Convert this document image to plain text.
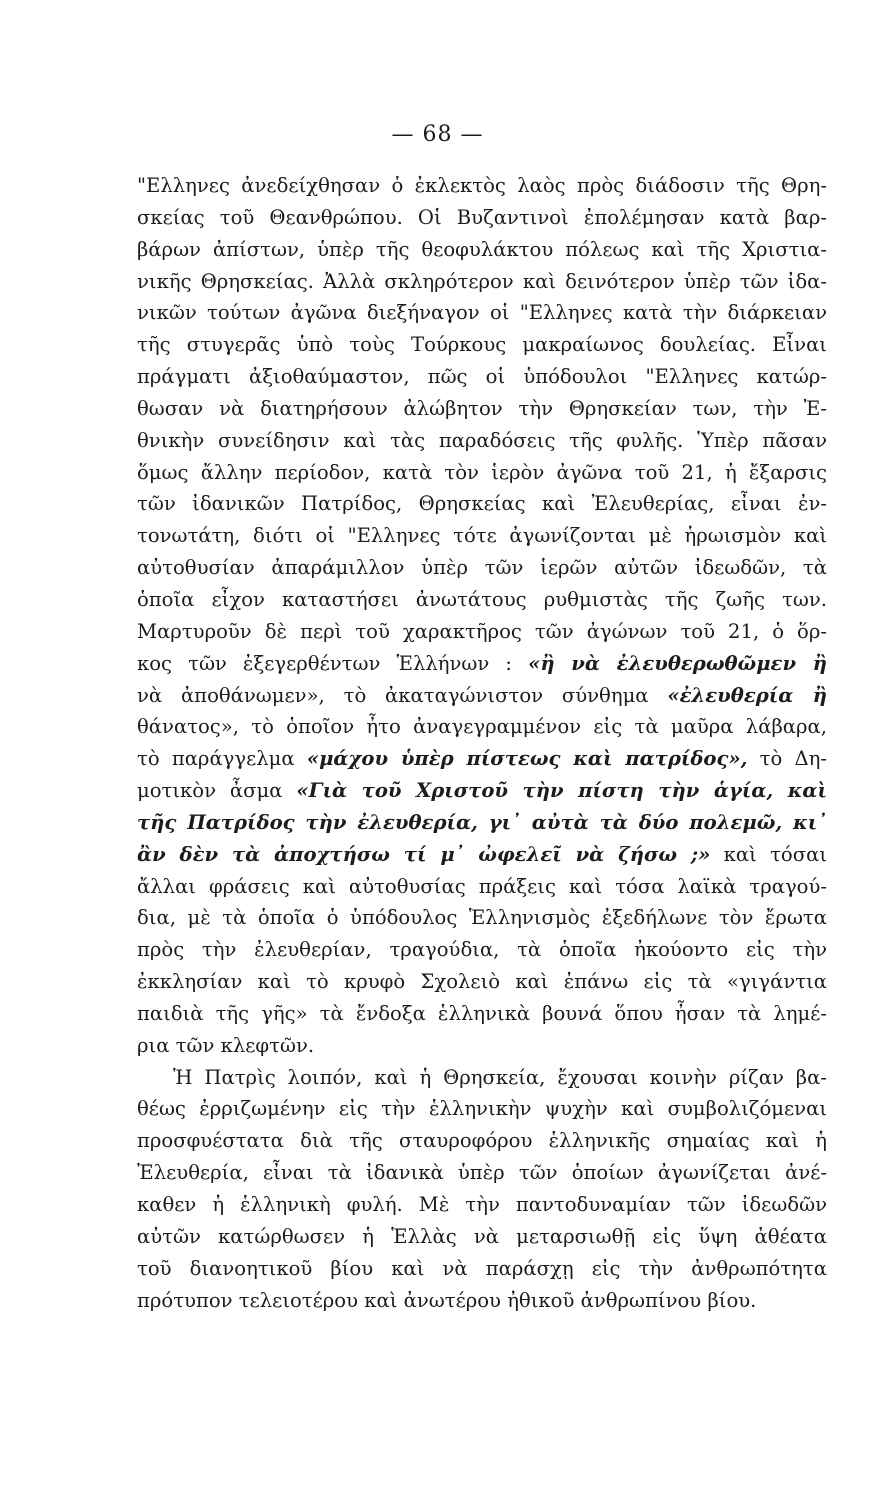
— 68 —
"Ελληνες ἀνεδείχθησαν ὁ ἐκλεκτὸς λαὸς πρὸς διάδοσιν τῆς Θρη-
σκείας τοῦ Θεανθρώπου. Οἱ Βυζαντινοὶ ἐπολέμησαν κατὰ βαρ-
βάρων ἀπίστων, ὑπὲρ τῆς θεοφυλάκτου πόλεως καὶ τῆς Χριστια-
νικῆς Θρησκείας. Ἀλλὰ σκληρότερον καὶ δεινότερον ὑπὲρ τῶν ἰδα-
νικῶν τούτων ἀγῶνα διεξήναγον οἱ "Ελληνες κατὰ τὴν διάρκειαν
τῆς στυγερᾶς ὑπὸ τοὺς Τούρκους μακραίωνος δουλείας. Εἶναι
πράγματι ἀξιοθαύμαστον, πῶς οἱ ὑπόδουλοι "Ελληνες κατώρ-
θωσαν νὰ διατηρήσουν ἀλώβητον τὴν Θρησκείαν των, τὴν Ἐ-
θνικὴν συνείδησιν καὶ τὰς παραδόσεις τῆς φυλῆς. Ὑπὲρ πᾶσαν
ὅμως ἄλλην περίοδον, κατὰ τὸν ἱερὸν ἀγῶνα τοῦ 21, ἡ ἔξαρσις
τῶν ἰδανικῶν Πατρίδος, Θρησκείας καὶ Ἐλευθερίας, εἶναι ἐν-
τονωτάτη, διότι οἱ "Ελληνες τότε ἀγωνίζονται μὲ ἡρωισμὸν καὶ
αὐτοθυσίαν ἀπαράμιλλον ὑπὲρ τῶν ἱερῶν αὐτῶν ἰδεωδῶν, τὰ
ὁποῖα εἶχον καταστήσει ἀνωτάτους ρυθμιστὰς τῆς ζωῆς των.
Μαρτυροῦν δὲ περὶ τοῦ χαρακτῆρος τῶν ἀγώνων τοῦ 21, ὁ ὅρ-
κος τῶν ἐξεγερθέντων Ἑλλήνων : «ἢ νὰ ἐλευθερωθῶμεν ἢ
νὰ ἀποθάνωμεν», τὸ ἀκαταγώνιστον σύνθημα «ἐλευθερία ἢ
θάνατος», τὸ ὁποῖον ἦτο ἀναγεγραμμένον εἰς τὰ μαῦρα λάβαρα,
τὸ παράγγελμα «μάχου ὑπὲρ πίστεως καὶ πατρίδος», τὸ Δη-
μοτικὸν ἆσμα «Γιὰ τοῦ Χριστοῦ τὴν πίστη τὴν ἁγία, καὶ
τῆς Πατρίδος τὴν ἐλευθερία, γι᾽ αὐτὰ τὰ δύο πολεμῶ, κι᾽
ἂν δὲν τὰ ἀποχτήσω τί μ᾽ ὠφελεῖ νὰ ζήσω ;» καὶ τόσαι
ἄλλαι φράσεις καὶ αὐτοθυσίας πράξεις καὶ τόσα λαϊκὰ τραγού-
δια, μὲ τὰ ὁποῖα ὁ ὑπόδουλος Ἑλληνισμὸς ἐξεδήλωνε τὸν ἔρωτα
πρὸς τὴν ἐλευθερίαν, τραγούδια, τὰ ὁποῖα ἠκούοντο εἰς τὴν
ἐκκλησίαν καὶ τὸ κρυφὸ Σχολειὸ καὶ ἐπάνω εἰς τὰ «γιγάντια
παιδιὰ τῆς γῆς» τὰ ἔνδοξα ἑλληνικὰ βουνά ὅπου ἦσαν τὰ λημέ-
ρια τῶν κλεφτῶν.
Ἡ Πατρὶς λοιπόν, καὶ ἡ Θρησκεία, ἔχουσαι κοινὴν ρίζαν βα-
θέως ἐρριζωμένην εἰς τὴν ἑλληνικὴν ψυχὴν καὶ συμβολιζόμεναι
προσφυέστατα διὰ τῆς σταυροφόρου ἑλληνικῆς σημαίας καὶ ἡ
Ἐλευθερία, εἶναι τὰ ἰδανικὰ ὑπὲρ τῶν ὁποίων ἀγωνίζεται ἀνέ-
καθεν ἡ ἑλληνικὴ φυλή. Μὲ τὴν παντοδυναμίαν τῶν ἰδεωδῶν
αὐτῶν κατώρθωσεν ἡ Ἑλλὰς νὰ μεταρσιωθῇ εἰς ὕψη ἀθέατα
τοῦ διανοητικοῦ βίου καὶ νὰ παράσχῃ εἰς τὴν ἀνθρωπότητα
πρότυπον τελειοτέρου καὶ ἀνωτέρου ἠθικοῦ ἀνθρωπίνου βίου.
